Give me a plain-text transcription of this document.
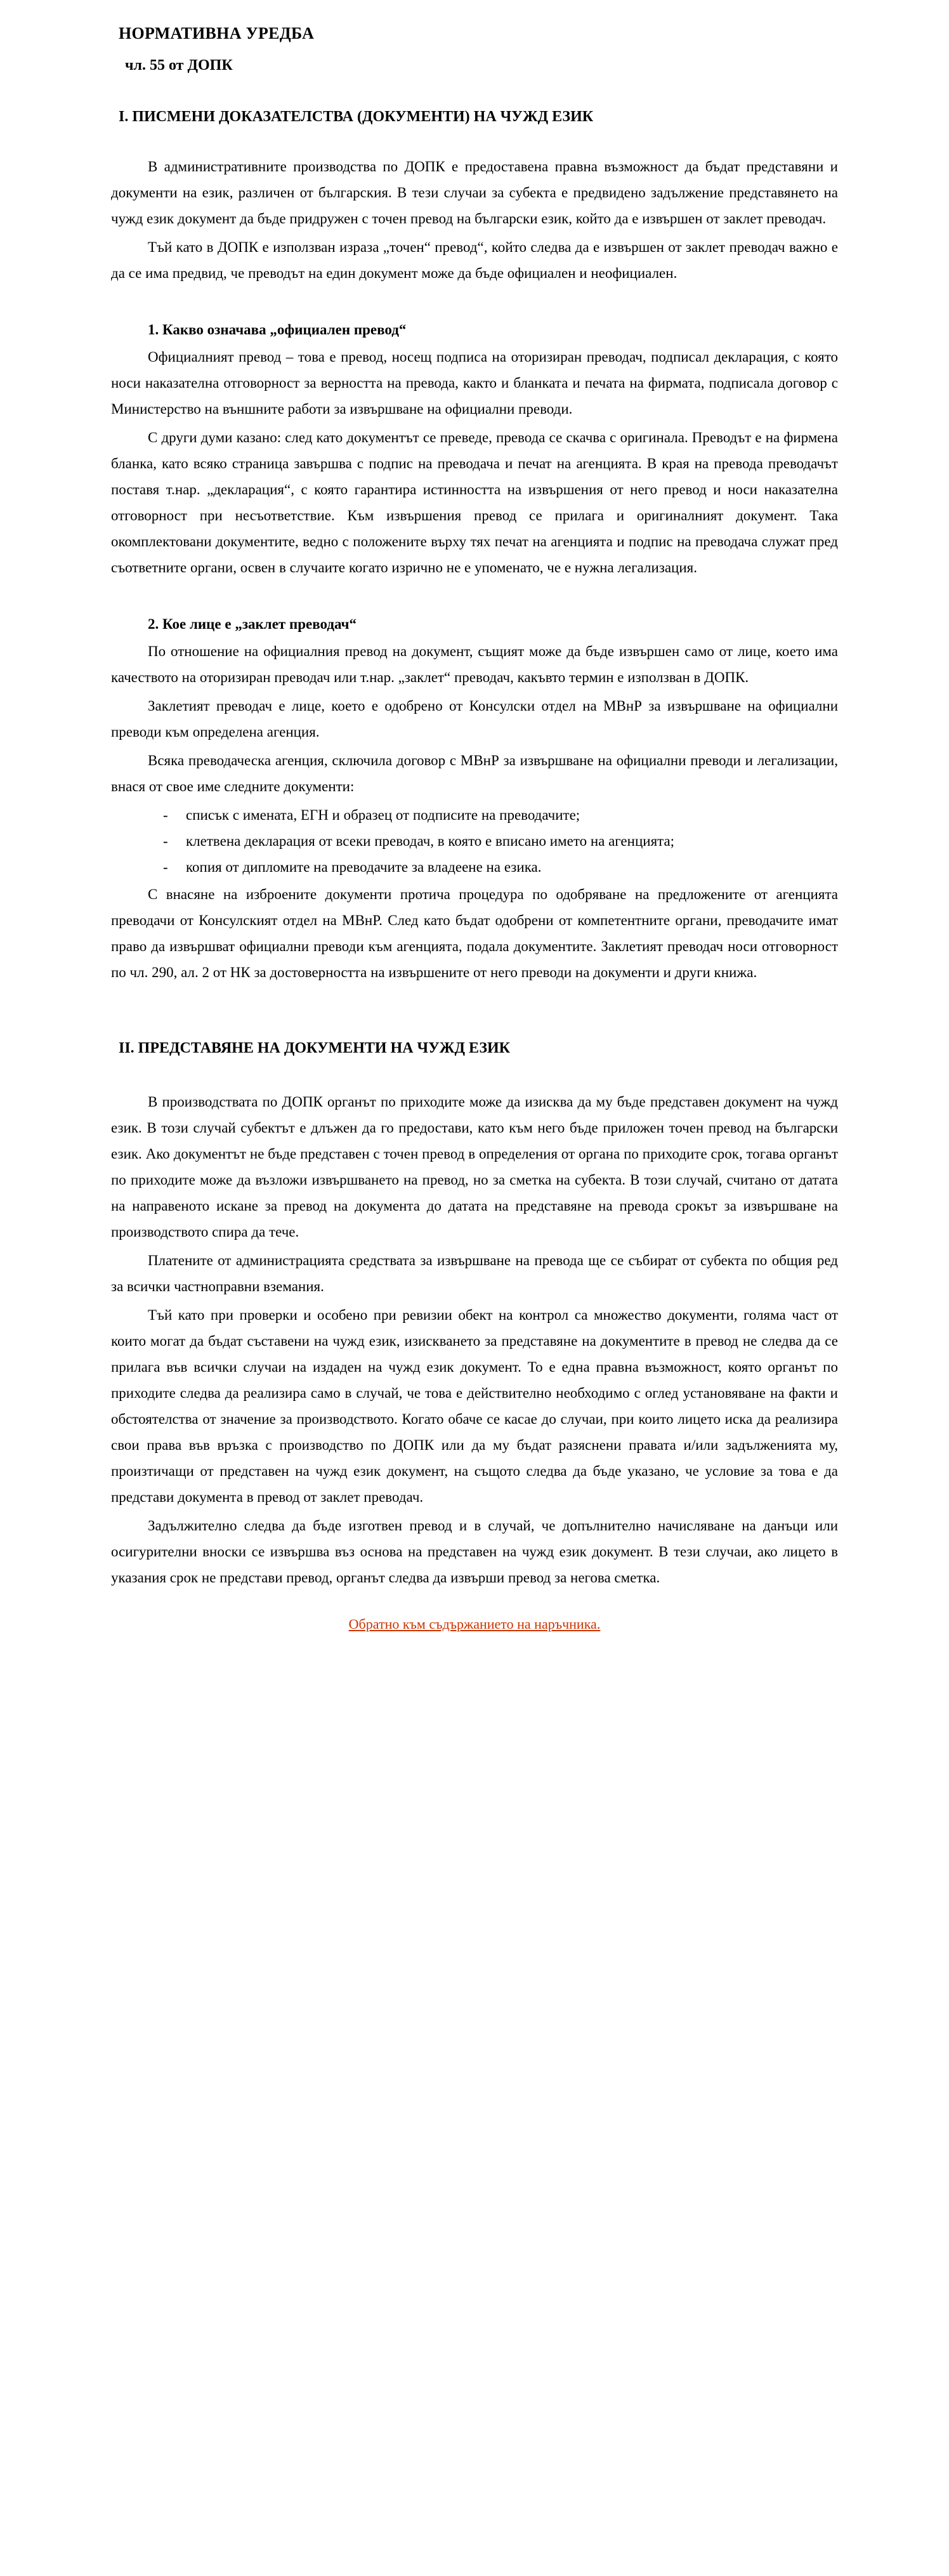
НОРМАТИВНА УРЕДБА
чл. 55 от ДОПК
I. ПИСМЕНИ ДОКАЗАТЕЛСТВА (ДОКУМЕНТИ) НА ЧУЖД ЕЗИК

В административните производства по ДОПК е предоставена правна възможност да бъдат представяни и документи на език, различен от българския. В тези случаи за субекта е предвидено задължение представянето на чужд език документ да бъде придружен с точен превод на български език, който да е извършен от заклет преводач.

Тъй като в ДОПК е използван изразa „точен“ превод“, който следва да е извършен от заклет преводач важно е да се има предвид, че преводът на един документ може да бъде официален и неофициален.

1. Какво означава „официален превод“

Официалният превод – това е превод, носещ подписа на оторизиран преводач, подписал декларация, с която носи наказателна отговорност за верността на превода, както и бланката и печата на фирмата, подписала договор с Министерство на външните работи за извършване на официални преводи.

С други думи казано: след като документът се преведе, превода се скачва с оригинала. Преводът е на фирмена бланка, като всяко страница завършва с подпис на преводача и печат на агенцията. В края на превода преводачът поставя т.нар. „декларация“, с която гарантира истинността на извършения от него превод и носи наказателна отговорност при несъответствие. Към извършения превод се прилага и оригиналният документ. Така окомплектовани документите, ведно с положените върху тях печат на агенцията и подпис на преводача служат пред съответните органи, освен в случаите когато изрично не е упоменато, че е нужна легализация.

2. Кое лице е „заклет преводач“

По отношение на официалния превод на документ, същият може да бъде извършен само от лице, което има качеството на оторизиран преводач или т.нар. „заклет“ преводач, какъвто термин е използван в ДОПК.

Заклетият преводач е лице, което е одобрено от Консулски отдел на МВнР за извършване на официални преводи към определена агенция.

Всяка преводаческа агенция, сключила договор с МВнР за извършване на официални преводи и легализации, внася от свое име следните документи:

- списък с имената, ЕГН и образец от подписите на преводачите;
- клетвена декларация от всеки преводач, в която е вписано името на агенцията;
- копия от дипломите на преводачите за владеене на езика.

С внасяне на изброените документи протича процедура по одобряване на предложените от агенцията преводачи от Консулският отдел на МВнР. След като бъдат одобрени от компетентните органи, преводачите имат право да извършват официални преводи към агенцията, подала документите. Заклетият преводач носи отговорност по чл. 290, ал. 2 от НК за достоверността на извършените от него преводи на документи и други книжа.

II. ПРЕДСТАВЯНЕ НА ДОКУМЕНТИ НА ЧУЖД ЕЗИК

В производствата по ДОПК органът по приходите може да изисква да му бъде представен документ на чужд език. В този случай субектът е длъжен да го предостави, като към него бъде приложен точен превод на български език. Ако документът не бъде представен с точен превод в определения от органа по приходите срок, тогава органът по приходите може да възложи извършването на превод, но за сметка на субекта. В този случай, считано от датата на направеното искане за превод на документа до датата на представяне на превода срокът за извършване на производството спира да тече.

Платените от администрацията средствата за извършване на превода ще се събират от субекта по общия ред за всички частноправни вземания.

Тъй като при проверки и особено при ревизии обект на контрол са множество документи, голяма част от които могат да бъдат съставени на чужд език, изискването за представяне на документите в превод не следва да се прилага във всички случаи на издаден на чужд език документ. То е една правна възможност, която органът по приходите следва да реализира само в случай, че това е действително необходимо с оглед установяване на факти и обстоятелства от значение за производството. Когато обаче се касае до случаи, при които лицето иска да реализира свои права във връзка с производство по ДОПК или да му бъдат разяснени правата и/или задълженията му, произтичащи от представен на чужд език документ, на същото следва да бъде указано, че условие за това е да представи документа в превод от заклет преводач.

Задължително следва да бъде изготвен превод и в случай, че допълнително начисляване на данъци или осигурителни вноски се извършва въз основа на представен на чужд език документ. В тези случаи, ако лицето в указания срок не представи превод, органът следва да извърши превод за негова сметка.

Обратно към съдържанието на наръчника.
